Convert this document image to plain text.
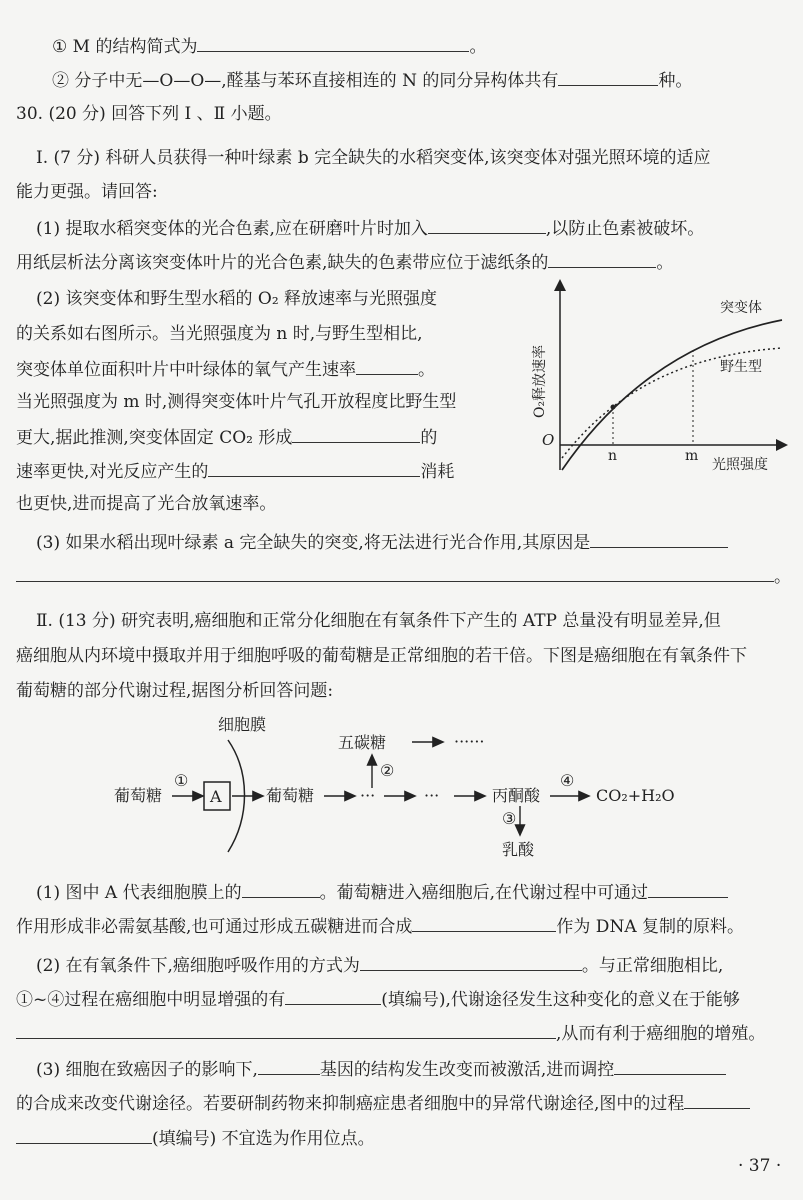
① M 的结构简式为	。
② 分子中无—O—O—,醛基与苯环直接相连的 N 的同分异构体共有	种。
30. (20 分) 回答下列 Ⅰ 、Ⅱ 小题。
Ⅰ. (7 分) 科研人员获得一种叶绿素 b 完全缺失的水稻突变体,该突变体对强光照环境的适应
能力更强。请回答:
(1) 提取水稻突变体的光合色素,应在研磨叶片时加入	,以防止色素被破坏。
用纸层析法分离该突变体叶片的光合色素,缺失的色素带应位于滤纸条的	。
(2) 该突变体和野生型水稻的 O₂ 释放速率与光照强度
的关系如右图所示。当光照强度为 n 时,与野生型相比,
突变体单位面积叶片中叶绿体的氧气产生速率	。
当光照强度为 m 时,测得突变体叶片气孔开放程度比野生型
更大,据此推测,突变体固定 CO₂ 形成	的
速率更快,对光反应产生的	消耗
也更快,进而提高了光合放氧速率。
O
O₂释放速率
光照强度
n	m
突变体
野生型
(3) 如果水稻出现叶绿素 a 完全缺失的突变,将无法进行光合作用,其原因是
。
Ⅱ. (13 分) 研究表明,癌细胞和正常分化细胞在有氧条件下产生的 ATP 总量没有明显差异,但
癌细胞从内环境中摄取并用于细胞呼吸的葡萄糖是正常细胞的若干倍。下图是癌细胞在有氧条件下
葡萄糖的部分代谢过程,据图分析回答问题:
细胞膜
葡萄糖
①
A	葡萄糖	···	···	丙酮酸
④
CO₂+H₂O
②
五碳糖	······
③
乳酸
(1) 图中 A 代表细胞膜上的	。葡萄糖进入癌细胞后,在代谢过程中可通过
作用形成非必需氨基酸,也可通过形成五碳糖进而合成	作为 DNA 复制的原料。
(2) 在有氧条件下,癌细胞呼吸作用的方式为	。与正常细胞相比,
①~④过程在癌细胞中明显增强的有	(填编号),代谢途径发生这种变化的意义在于能够
,从而有利于癌细胞的增殖。
(3) 细胞在致癌因子的影响下,	基因的结构发生改变而被激活,进而调控
的合成来改变代谢途径。若要研制药物来抑制癌症患者细胞中的异常代谢途径,图中的过程
(填编号) 不宜选为作用位点。
· 37 ·
